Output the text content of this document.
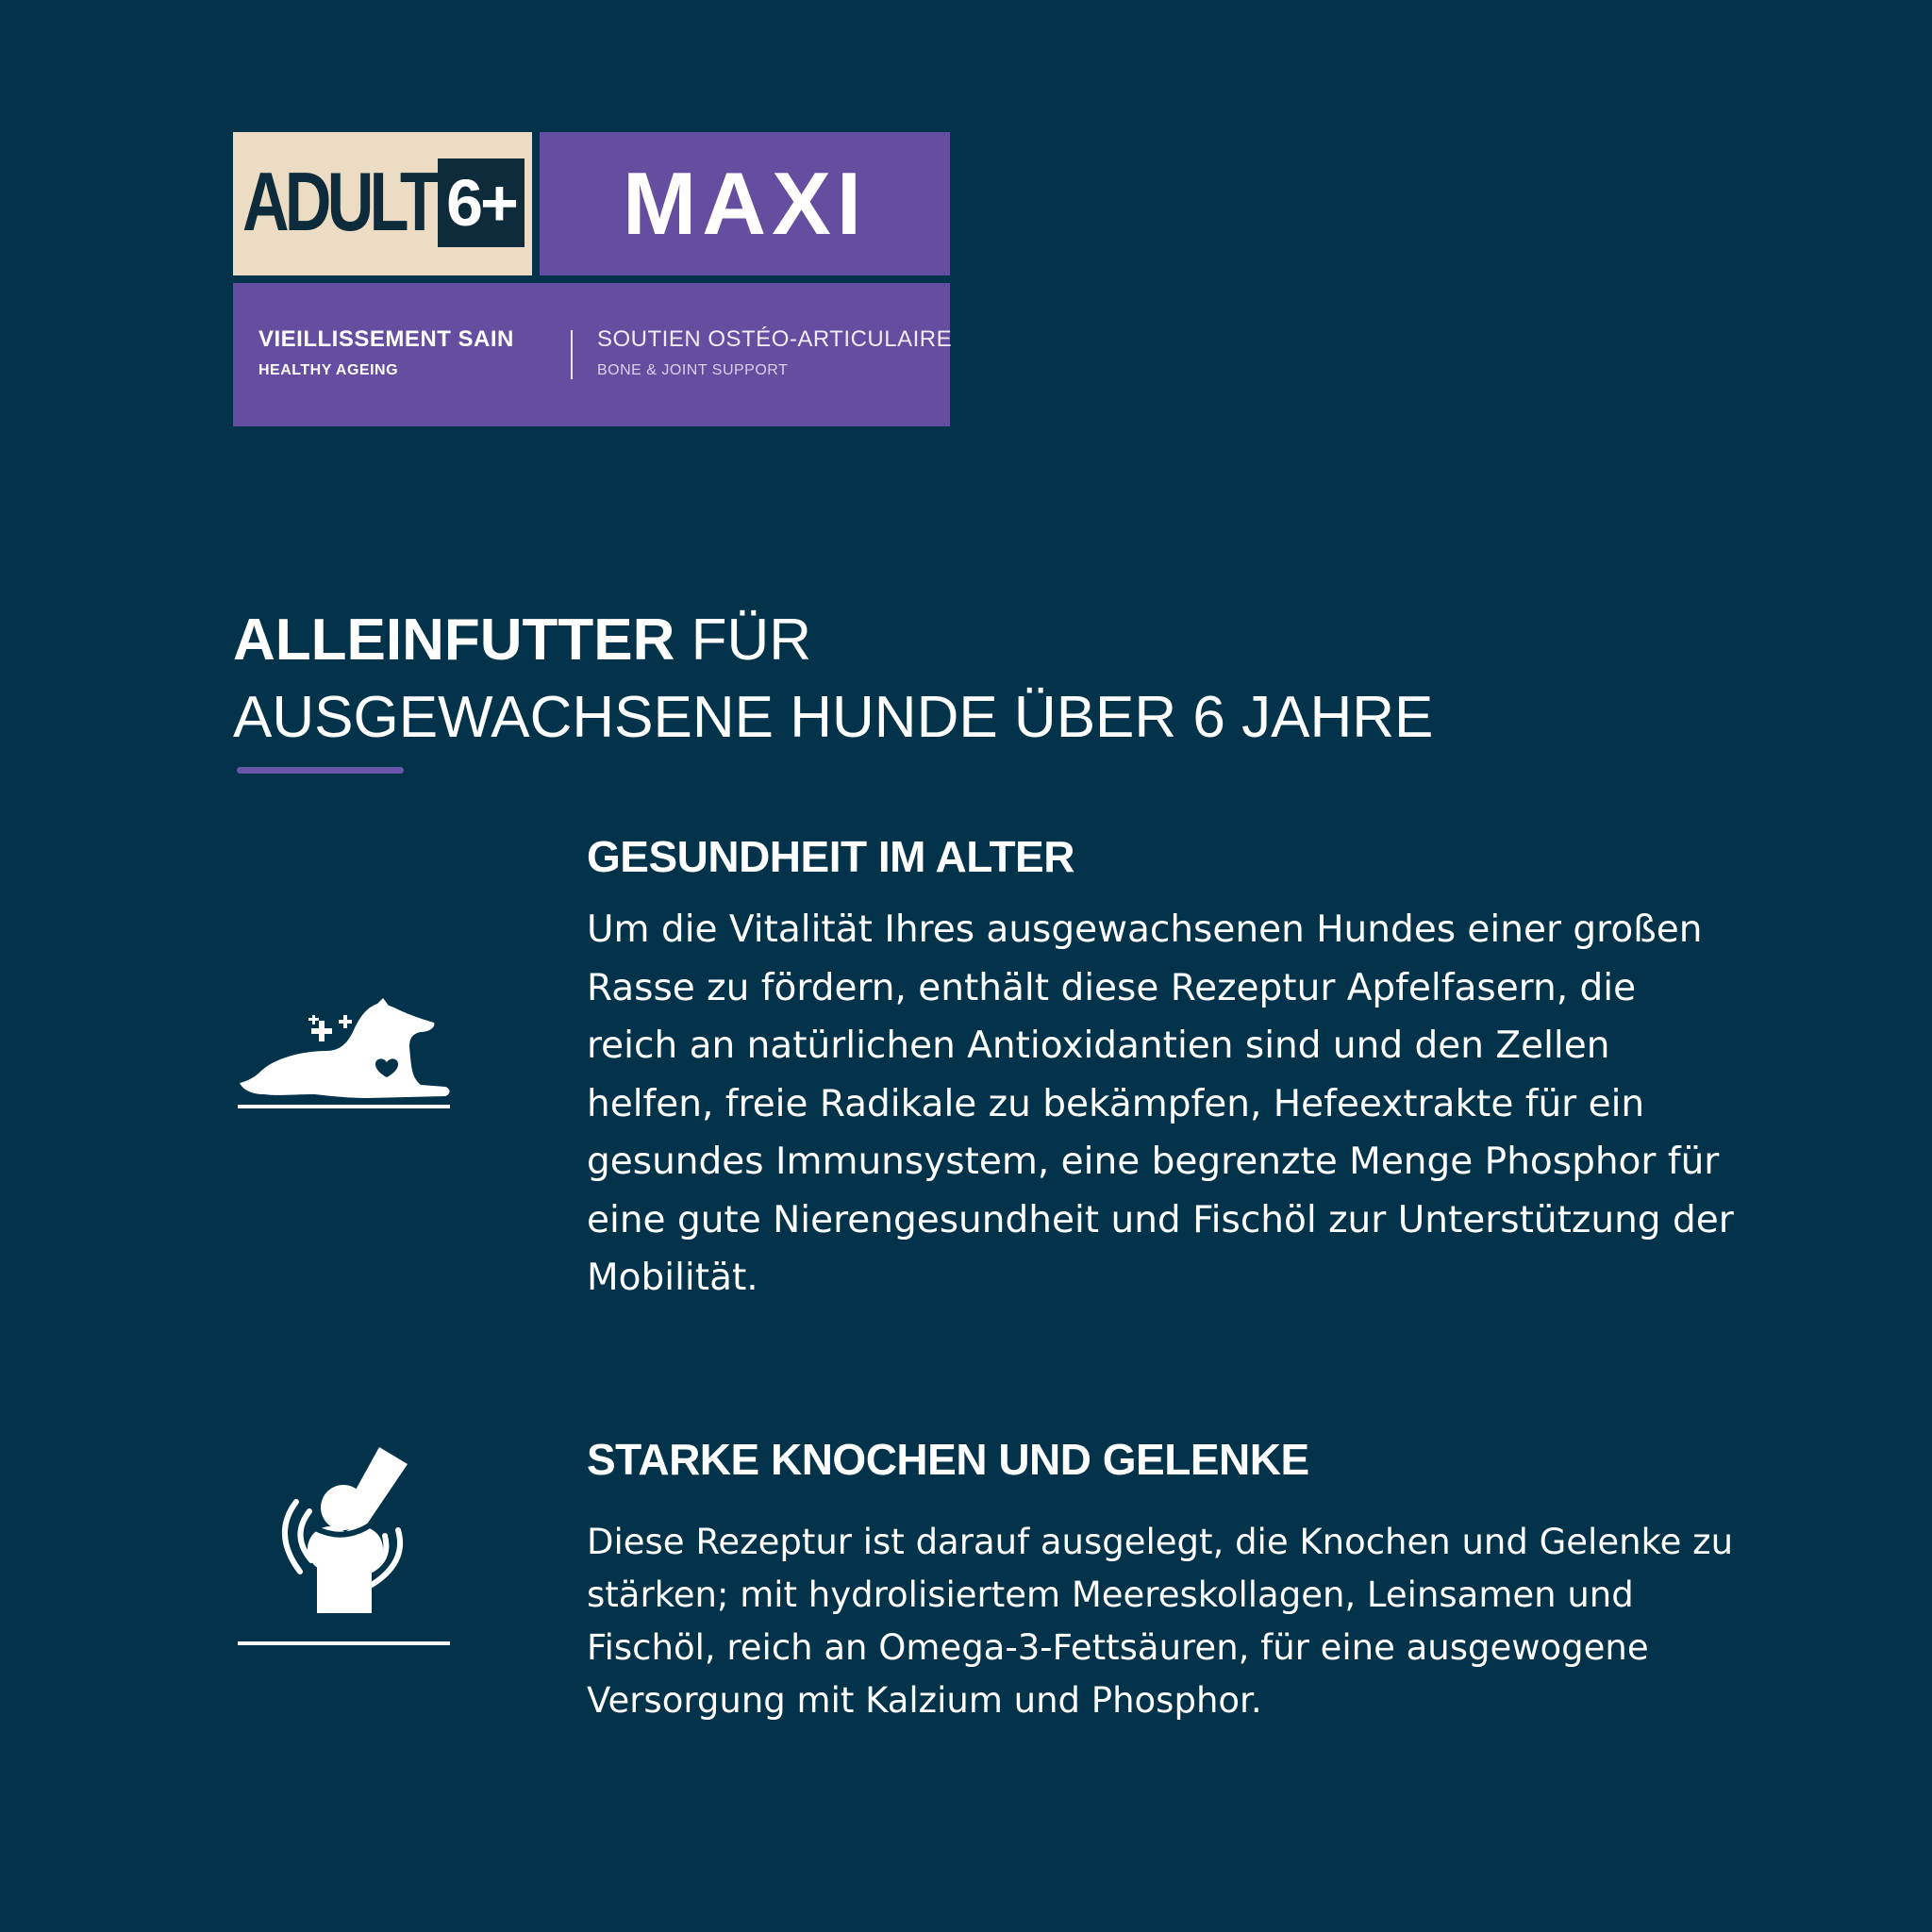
ADULT 6+	MAXI
VIEILLISSEMENT SAIN
HEALTHY AGEING
SOUTIEN OSTÉO-ARTICULAIRE
BONE & JOINT SUPPORT
ALLEINFUTTER FÜR
AUSGEWACHSENE HUNDE ÜBER 6 JAHRE
GESUNDHEIT IM ALTER
Um die Vitalität Ihres ausgewachsenen Hundes einer großen Rasse zu fördern, enthält diese Rezeptur Apfelfasern, die reich an natürlichen Antioxidantien sind und den Zellen helfen, freie Radikale zu bekämpfen, Hefeextrakte für ein gesundes Immunsystem, eine begrenzte Menge Phosphor für eine gute Nierengesundheit und Fischöl zur Unterstützung der Mobilität.
STARKE KNOCHEN UND GELENKE
Diese Rezeptur ist darauf ausgelegt, die Knochen und Gelenke zu stärken; mit hydrolisiertem Meereskollagen, Leinsamen und Fischöl, reich an Omega-3-Fettsäuren, für eine ausgewogene Versorgung mit Kalzium und Phosphor.
